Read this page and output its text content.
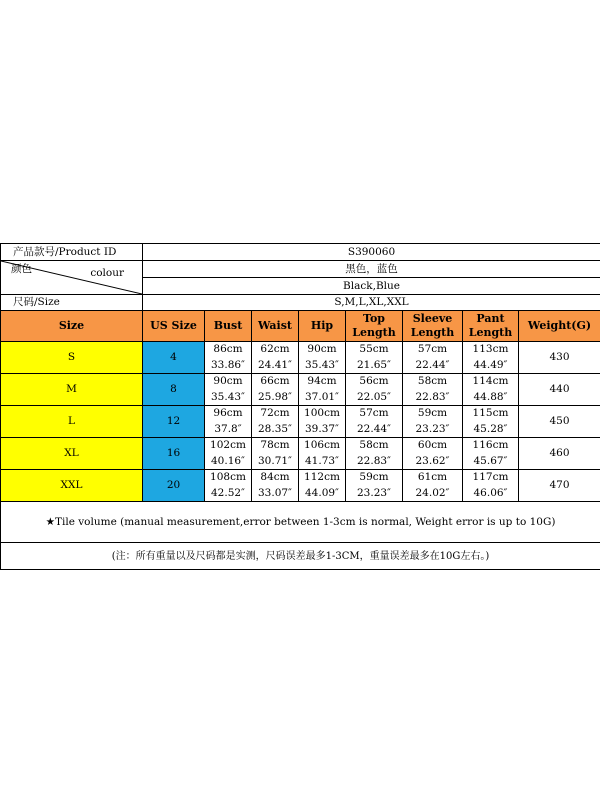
产品款号/Product ID	S390060							

颜色 colour	黑色，蓝色							
	Black,Blue							
尺码/Size	S,M,L,XL,XXL							
Size	US Size	Bust	Waist	Hip	Top Length	Sleeve Length	Pant Length	Weight(G)
S	4	86cm	62cm	90cm	55cm	57cm	113cm	430
		33.86″	24.41″	35.43″	21.65″	22.44″	44.49″	
M	8	90cm	66cm	94cm	56cm	58cm	114cm	440
		35.43″	25.98″	37.01″	22.05″	22.83″	44.88″	
L	12	96cm	72cm	100cm	57cm	59cm	115cm	450
		37.8″	28.35″	39.37″	22.44″	23.23″	45.28″	
XL	16	102cm	78cm	106cm	58cm	60cm	116cm	460
		40.16″	30.71″	41.73″	22.83″	23.62″	45.67″	
XXL	20	108cm	84cm	112cm	59cm	61cm	117cm	470
		42.52″	33.07″	44.09″	23.23″	24.02″	46.06″	
★Tile volume (manual measurement,error between 1-3cm is normal, Weight error is up to 10G)								
(注：所有重量以及尺码都是实测，尺码误差最多1-3CM，重量误差最多在10G左右。)								
